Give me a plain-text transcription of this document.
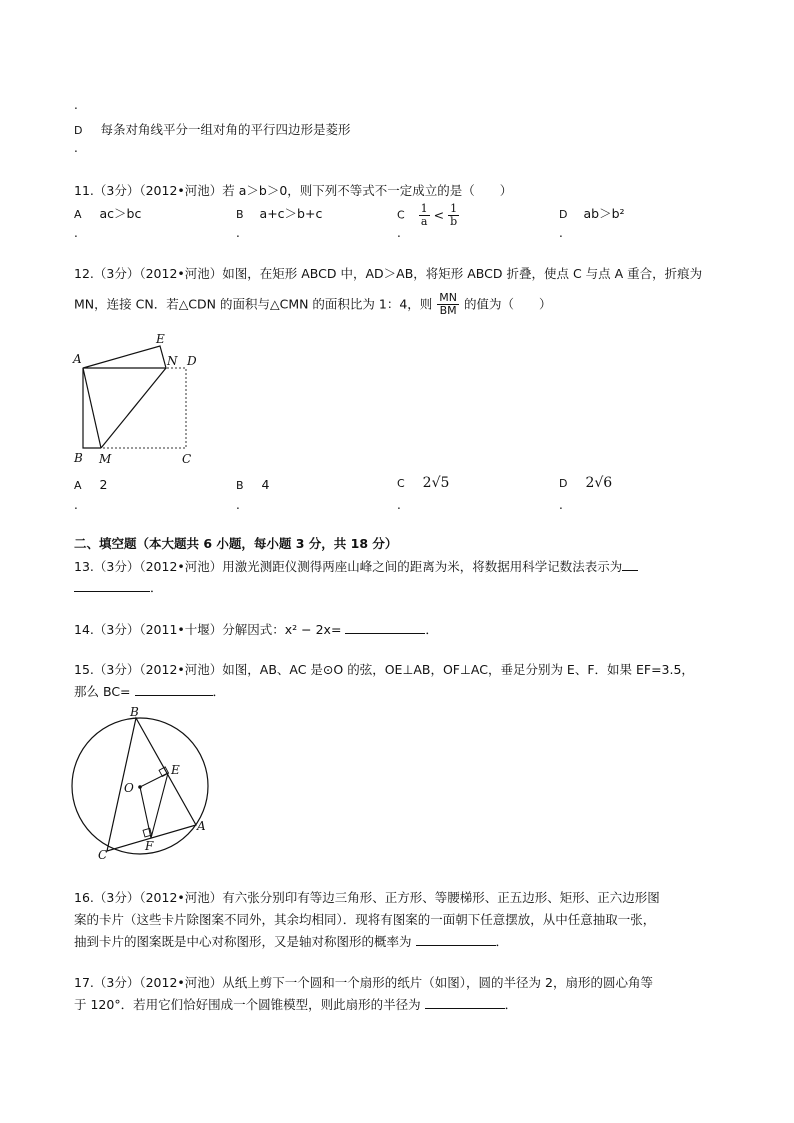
.
D 每条对角线平分一组对角的平行四边形是菱形
.
11.（3分）（2012•河池）若 a＞b＞0，则下列不等式不一定成立的是（　　）
A ac＞bc
.
B a+c＞b+c
.
C $\frac{1}{a} < \frac{1}{b}$
.
D ab＞b²
.
12.（3分）（2012•河池）如图，在矩形 ABCD 中，AD＞AB，将矩形 ABCD 折叠，使点 C 与点 A 重合，折痕为
MN，连接 CN．若△CDN 的面积与△CMN 的面积比为 1：4，则 $\frac{MN}{BM}$ 的值为（　　）
A
E
N D
B M	C
A 2
.
B 4
.
C 2√5
.
D 2√6
.
二、填空题（本大题共 6 小题，每小题 3 分，共 18 分）
13.（3分）（2012•河池）用激光测距仪测得两座山峰之间的距离为米，将数据用科学记数法表示为
．
14.（3分）（2011•十堰）分解因式：x² − 2x=	．
15.（3分）（2012•河池）如图，AB、AC 是⊙O 的弦，OE⊥AB，OF⊥AC，垂足分别为 E、F．如果 EF=3.5，
那么 BC=	．
B
E
O
A
F
C
16.（3分）（2012•河池）有六张分别印有等边三角形、正方形、等腰梯形、正五边形、矩形、正六边形图
案的卡片（这些卡片除图案不同外，其余均相同）．现将有图案的一面朝下任意摆放，从中任意抽取一张，
抽到卡片的图案既是中心对称图形，又是轴对称图形的概率为	．
17.（3分）（2012•河池）从纸上剪下一个圆和一个扇形的纸片（如图），圆的半径为 2，扇形的圆心角等
于 120°．若用它们恰好围成一个圆锥模型，则此扇形的半径为	．
